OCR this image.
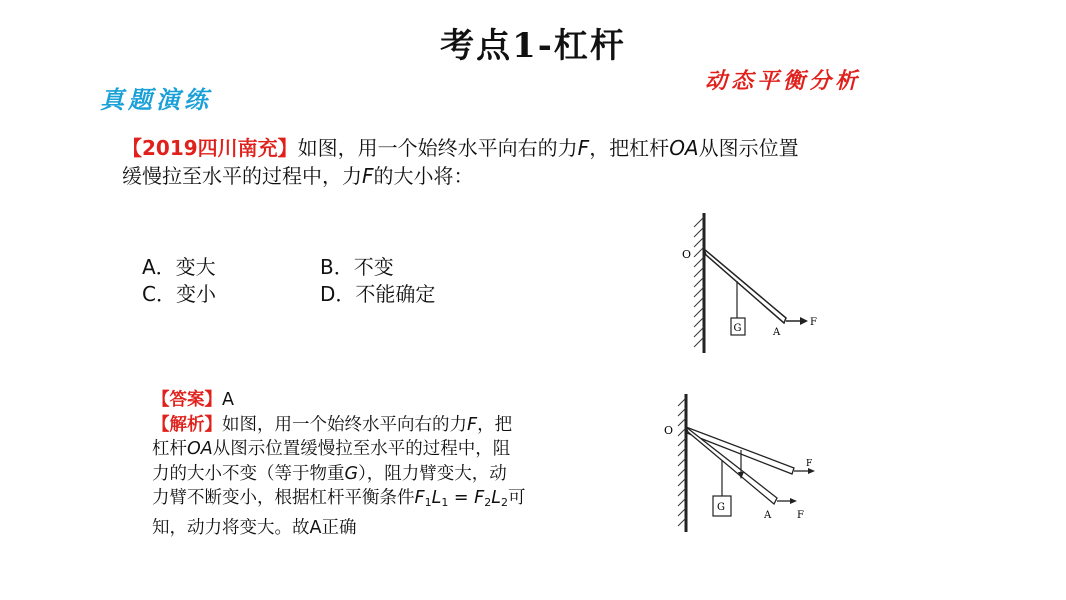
考点1-杠杆
真题演练
动态平衡分析
【2019四川南充】如图，用一个始终水平向右的力F，把杠杆OA从图示位置
缓慢拉至水平的过程中，力F的大小将：
A．变大	B．不变
C．变小	D．不能确定
G
O
A
F
【答案】A
【解析】如图，用一个始终水平向右的力F，把
杠杆OA从图示位置缓慢拉至水平的过程中，阻
力的大小不变（等于物重G），阻力臂变大，动
力臂不断变小，根据杠杆平衡条件$F_1L_1 = F_2L_2$可
知，动力将变大。故A正确
G
O
A
F
F
